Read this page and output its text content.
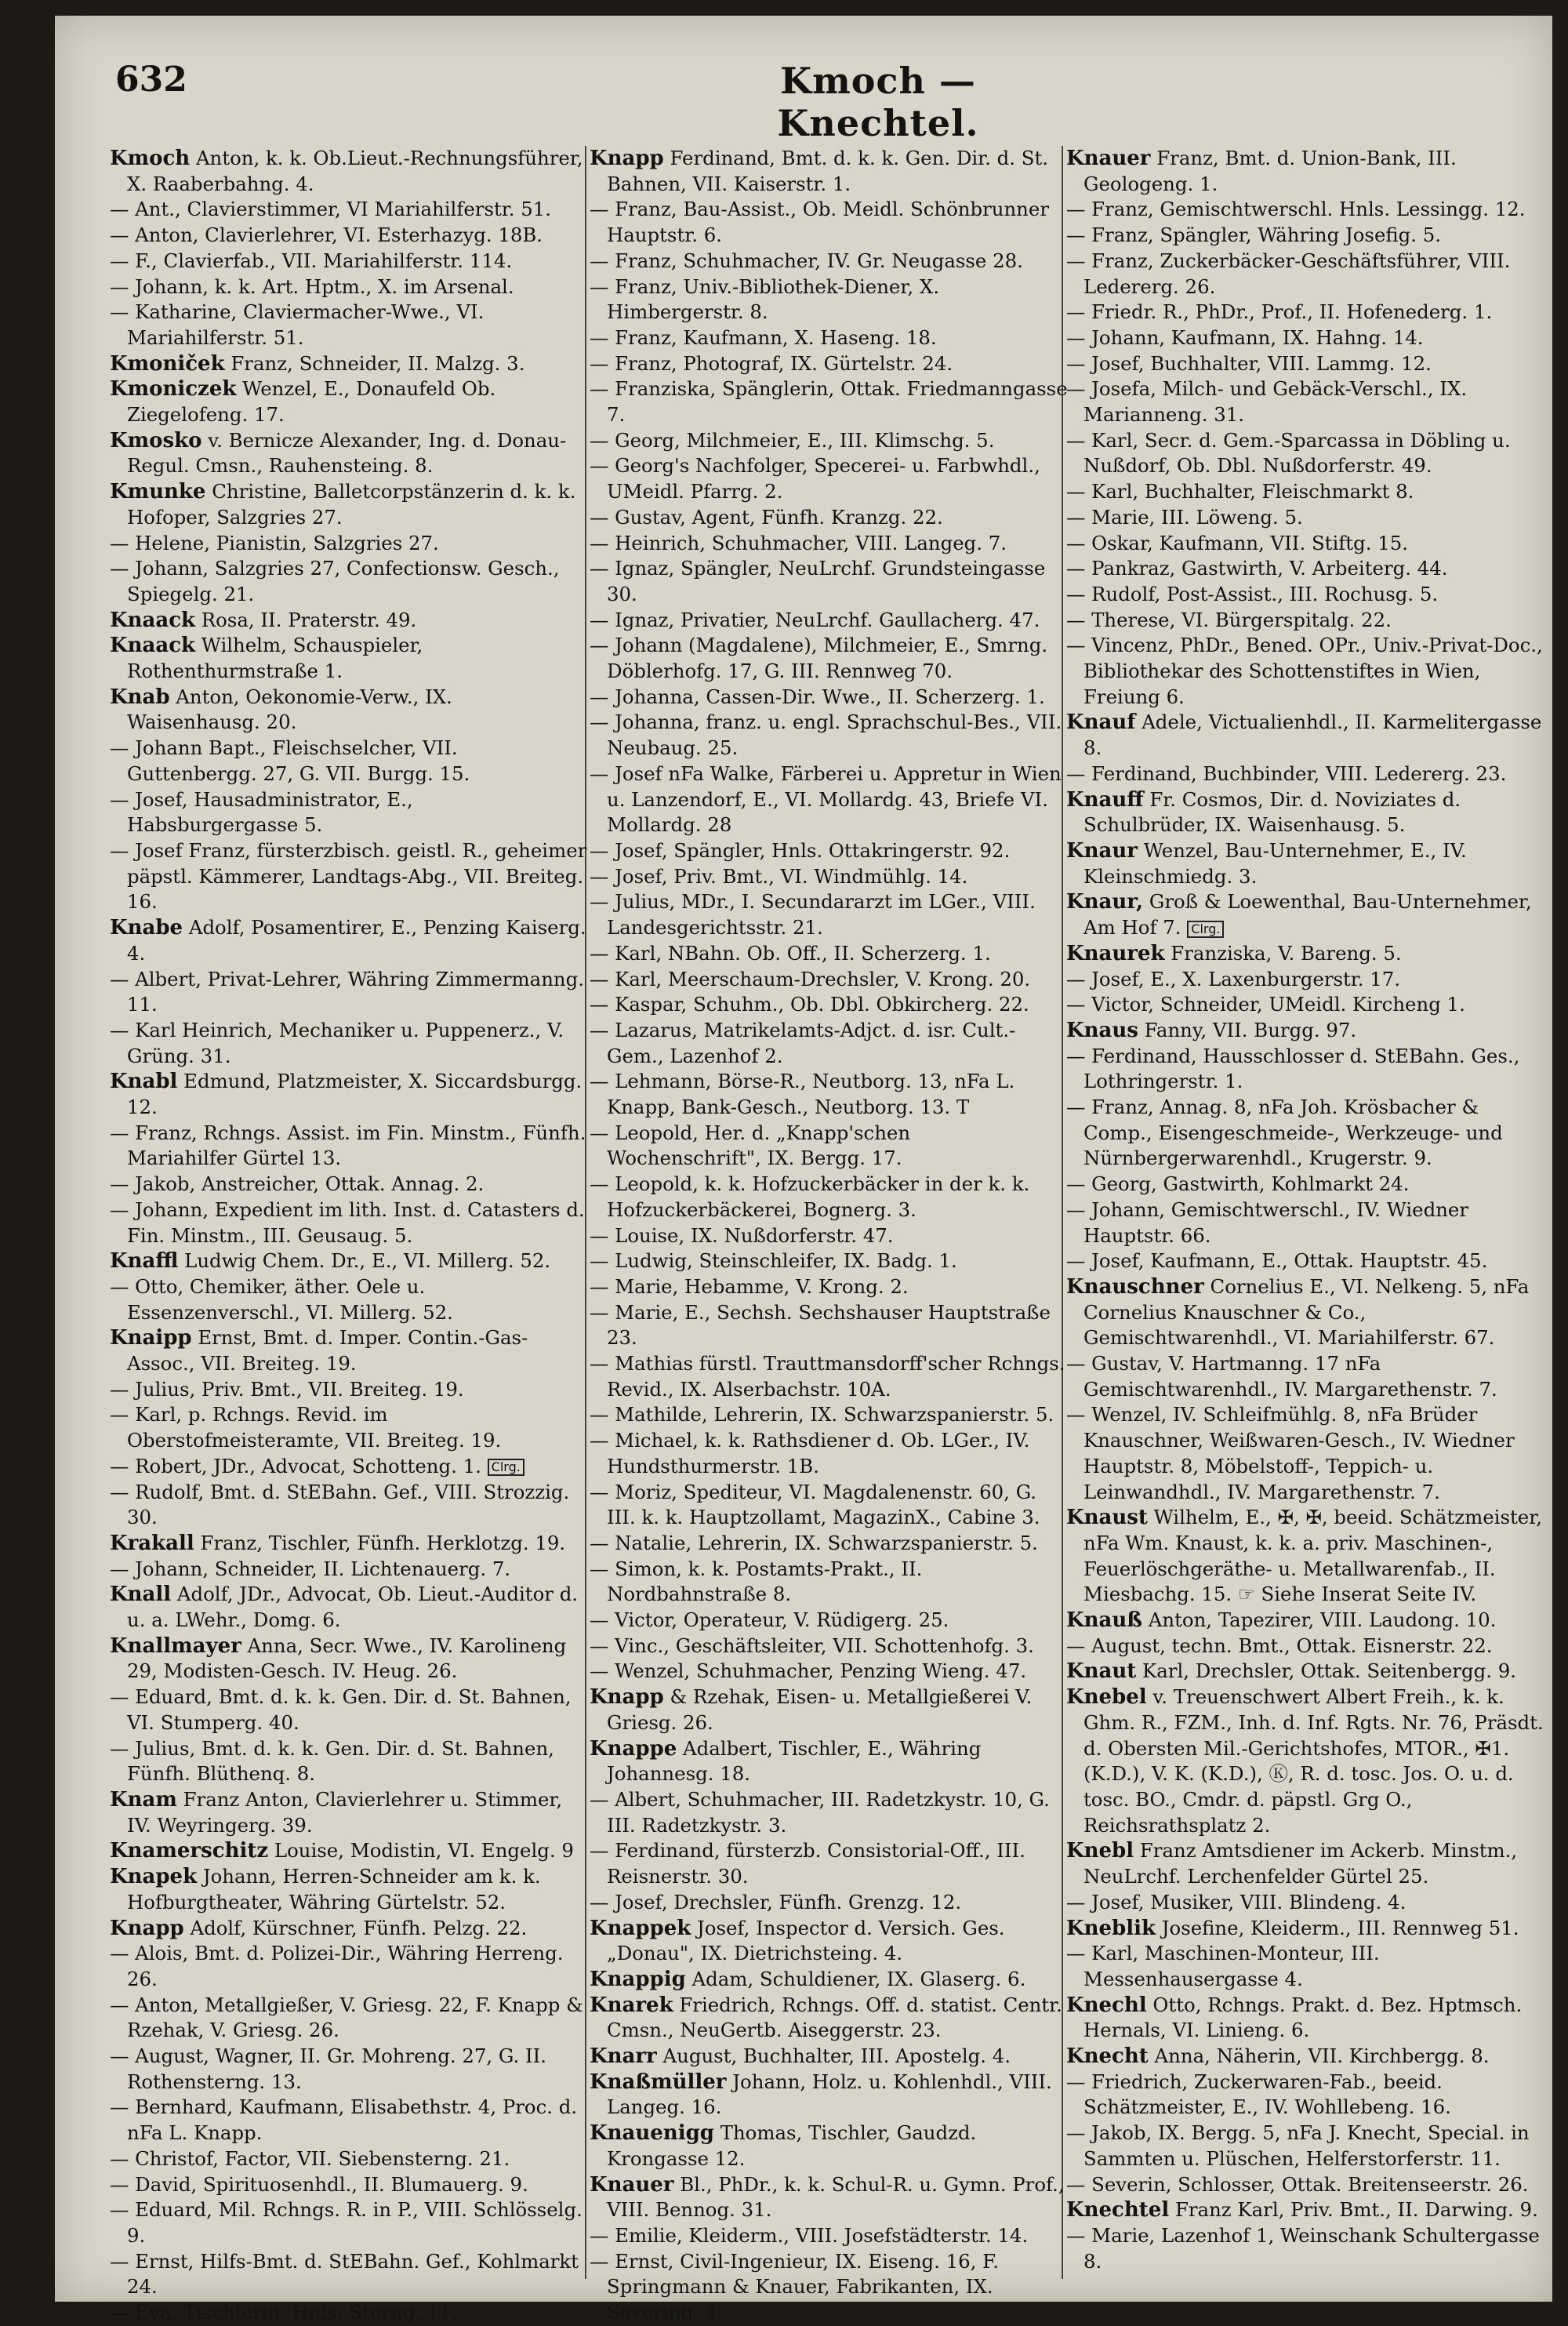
632	Kmoch — Knechtel.

Kmoch Anton, k. k. Ob.Lieut.-Rechnungsführer, X. Raaberbahng. 4.

— Ant., Clavierstimmer, VI Mariahilferstr. 51.

— Anton, Clavierlehrer, VI. Esterhazyg. 18B.

— F., Clavierfab., VII. Mariahilferstr. 114.

— Johann, k. k. Art. Hptm., X. im Arsenal.

— Katharine, Claviermacher-Wwe., VI. Mariahilferstr. 51.

Kmoniček Franz, Schneider, II. Malzg. 3.

Kmoniczek Wenzel, E., Donaufeld Ob. Ziegelofeng. 17.

Kmosko v. Bernicze Alexander, Ing. d. Donau-Regul. Cmsn., Rauhensteing. 8.

Kmunke Christine, Balletcorpstänzerin d. k. k. Hofoper, Salzgries 27.

— Helene, Pianistin, Salzgries 27.

— Johann, Salzgries 27, Confectionsw. Gesch., Spiegelg. 21.

Knaack Rosa, II. Praterstr. 49.

Knaack Wilhelm, Schauspieler, Rothenthurmstraße 1.

Knab Anton, Oekonomie-Verw., IX. Waisenhausg. 20.

— Johann Bapt., Fleischselcher, VII. Guttenbergg. 27, G. VII. Burgg. 15.

— Josef, Hausadministrator, E., Habsburgergasse 5.

— Josef Franz, fürsterzbisch. geistl. R., geheimer päpstl. Kämmerer, Landtags-Abg., VII. Breiteg. 16.

Knabe Adolf, Posamentirer, E., Penzing Kaiserg. 4.

— Albert, Privat-Lehrer, Währing Zimmermanng. 11.

— Karl Heinrich, Mechaniker u. Puppenerz., V. Grüng. 31.

Knabl Edmund, Platzmeister, X. Siccardsburgg. 12.

— Franz, Rchngs. Assist. im Fin. Minstm., Fünfh. Mariahilfer Gürtel 13.

— Jakob, Anstreicher, Ottak. Annag. 2.

— Johann, Expedient im lith. Inst. d. Catasters d. Fin. Minstm., III. Geusaug. 5.

Knaffl Ludwig Chem. Dr., E., VI. Millerg. 52.

— Otto, Chemiker, äther. Oele u. Essenzenverschl., VI. Millerg. 52.

Knaipp Ernst, Bmt. d. Imper. Contin.-Gas-Assoc., VII. Breiteg. 19.

— Julius, Priv. Bmt., VII. Breiteg. 19.

— Karl, p. Rchngs. Revid. im Oberstofmeisteramte, VII. Breiteg. 19.

— Robert, JDr., Advocat, Schotteng. 1. Clrg.

— Rudolf, Bmt. d. StEBahn. Gef., VIII. Strozzig. 30.

Krakall Franz, Tischler, Fünfh. Herklotzg. 19.

— Johann, Schneider, II. Lichtenauerg. 7.

Knall Adolf, JDr., Advocat, Ob. Lieut.-Auditor d. u. a. LWehr., Domg. 6.

Knallmayer Anna, Secr. Wwe., IV. Karolineng 29, Modisten-Gesch. IV. Heug. 26.

— Eduard, Bmt. d. k. k. Gen. Dir. d. St. Bahnen, VI. Stumperg. 40.

— Julius, Bmt. d. k. k. Gen. Dir. d. St. Bahnen, Fünfh. Blüthenq. 8.

Knam Franz Anton, Clavierlehrer u. Stimmer, IV. Weyringerg. 39.

Knamerschitz Louise, Modistin, VI. Engelg. 9

Knapek Johann, Herren-Schneider am k. k. Hofburgtheater, Währing Gürtelstr. 52.

Knapp Adolf, Kürschner, Fünfh. Pelzg. 22.

— Alois, Bmt. d. Polizei-Dir., Währing Herreng. 26.

— Anton, Metallgießer, V. Griesg. 22, F. Knapp & Rzehak, V. Griesg. 26.

— August, Wagner, II. Gr. Mohreng. 27, G. II. Rothensterng. 13.

— Bernhard, Kaufmann, Elisabethstr. 4, Proc. d. nFa L. Knapp.

— Christof, Factor, VII. Siebensterng. 21.

— David, Spirituosenhdl., II. Blumauerg. 9.

— Eduard, Mil. Rchngs. R. in P., VIII. Schlösselg. 9.

— Ernst, Hilfs-Bmt. d. StEBahn. Gef., Kohlmarkt 24.

— Eva, Tischlerin, Hnls. Sterng. 11.

Knapp Ferdinand, Bmt. d. k. k. Gen. Dir. d. St. Bahnen, VII. Kaiserstr. 1.

— Franz, Bau-Assist., Ob. Meidl. Schönbrunner Hauptstr. 6.

— Franz, Schuhmacher, IV. Gr. Neugasse 28.

— Franz, Univ.-Bibliothek-Diener, X. Himbergerstr. 8.

— Franz, Kaufmann, X. Haseng. 18.

— Franz, Photograf, IX. Gürtelstr. 24.

— Franziska, Spänglerin, Ottak. Friedmanngasse 7.

— Georg, Milchmeier, E., III. Klimschg. 5.

— Georg's Nachfolger, Specerei- u. Farbwhdl., UMeidl. Pfarrg. 2.

— Gustav, Agent, Fünfh. Kranzg. 22.

— Heinrich, Schuhmacher, VIII. Langeg. 7.

— Ignaz, Spängler, NeuLrchf. Grundsteingasse 30.

— Ignaz, Privatier, NeuLrchf. Gaullacherg. 47.

— Johann (Magdalene), Milchmeier, E., Smrng. Döblerhofg. 17, G. III. Rennweg 70.

— Johanna, Cassen-Dir. Wwe., II. Scherzerg. 1.

— Johanna, franz. u. engl. Sprachschul-Bes., VII. Neubaug. 25.

— Josef nFa Walke, Färberei u. Appretur in Wien u. Lanzendorf, E., VI. Mollardg. 43, Briefe VI. Mollardg. 28

— Josef, Spängler, Hnls. Ottakringerstr. 92.

— Josef, Priv. Bmt., VI. Windmühlg. 14.

— Julius, MDr., I. Secundararzt im LGer., VIII. Landesgerichtsstr. 21.

— Karl, NBahn. Ob. Off., II. Scherzerg. 1.

— Karl, Meerschaum-Drechsler, V. Krong. 20.

— Kaspar, Schuhm., Ob. Dbl. Obkircherg. 22.

— Lazarus, Matrikelamts-Adjct. d. isr. Cult.-Gem., Lazenhof 2.

— Lehmann, Börse-R., Neutborg. 13, nFa L. Knapp, Bank-Gesch., Neutborg. 13. T

— Leopold, Her. d. „Knapp'schen Wochenschrift", IX. Bergg. 17.

— Leopold, k. k. Hofzuckerbäcker in der k. k. Hofzuckerbäckerei, Bognerg. 3.

— Louise, IX. Nußdorferstr. 47.

— Ludwig, Steinschleifer, IX. Badg. 1.

— Marie, Hebamme, V. Krong. 2.

— Marie, E., Sechsh. Sechshauser Hauptstraße 23.

— Mathias fürstl. Trauttmansdorff'scher Rchngs. Revid., IX. Alserbachstr. 10A.

— Mathilde, Lehrerin, IX. Schwarzspanierstr. 5.

— Michael, k. k. Rathsdiener d. Ob. LGer., IV. Hundsthurmerstr. 1B.

— Moriz, Spediteur, VI. Magdalenenstr. 60, G. III. k. k. Hauptzollamt, MagazinX., Cabine 3.

— Natalie, Lehrerin, IX. Schwarzspanierstr. 5.

— Simon, k. k. Postamts-Prakt., II. Nordbahnstraße 8.

— Victor, Operateur, V. Rüdigerg. 25.

— Vinc., Geschäftsleiter, VII. Schottenhofg. 3.

— Wenzel, Schuhmacher, Penzing Wieng. 47.

Knapp & Rzehak, Eisen- u. Metallgießerei V. Griesg. 26.

Knappe Adalbert, Tischler, E., Währing Johannesg. 18.

— Albert, Schuhmacher, III. Radetzkystr. 10, G. III. Radetzkystr. 3.

— Ferdinand, fürsterzb. Consistorial-Off., III. Reisnerstr. 30.

— Josef, Drechsler, Fünfh. Grenzg. 12.

Knappek Josef, Inspector d. Versich. Ges. „Donau", IX. Dietrichsteing. 4.

Knappig Adam, Schuldiener, IX. Glaserg. 6.

Knarek Friedrich, Rchngs. Off. d. statist. Centr. Cmsn., NeuGertb. Aiseggerstr. 23.

Knarr August, Buchhalter, III. Apostelg. 4.

Knaßmüller Johann, Holz. u. Kohlenhdl., VIII. Langeg. 16.

Knauenigg Thomas, Tischler, Gaudzd. Krongasse 12.

Knauer Bl., PhDr., k. k. Schul-R. u. Gymn. Prof., VIII. Bennog. 31.

— Emilie, Kleiderm., VIII. Josefstädterstr. 14.

— Ernst, Civil-Ingenieur, IX. Eiseng. 16, F. Springmann & Knauer, Fabrikanten, IX. Severing. 4.

Knauer Franz, Bmt. d. Union-Bank, III. Geologeng. 1.

— Franz, Gemischtwerschl. Hnls. Lessingg. 12.

— Franz, Spängler, Währing Josefig. 5.

— Franz, Zuckerbäcker-Geschäftsführer, VIII. Ledererg. 26.

— Friedr. R., PhDr., Prof., II. Hofenederg. 1.

— Johann, Kaufmann, IX. Hahng. 14.

— Josef, Buchhalter, VIII. Lammg. 12.

— Josefa, Milch- und Gebäck-Verschl., IX. Marianneng. 31.

— Karl, Secr. d. Gem.-Sparcassa in Döbling u. Nußdorf, Ob. Dbl. Nußdorferstr. 49.

— Karl, Buchhalter, Fleischmarkt 8.

— Marie, III. Löweng. 5.

— Oskar, Kaufmann, VII. Stiftg. 15.

— Pankraz, Gastwirth, V. Arbeiterg. 44.

— Rudolf, Post-Assist., III. Rochusg. 5.

— Therese, VI. Bürgerspitalg. 22.

— Vincenz, PhDr., Bened. OPr., Univ.-Privat-Doc., Bibliothekar des Schottenstiftes in Wien, Freiung 6.

Knauf Adele, Victualienhdl., II. Karmelitergasse 8.

— Ferdinand, Buchbinder, VIII. Ledererg. 23.

Knauff Fr. Cosmos, Dir. d. Noviziates d. Schulbrüder, IX. Waisenhausg. 5.

Knaur Wenzel, Bau-Unternehmer, E., IV. Kleinschmiedg. 3.

Knaur, Groß & Loewenthal, Bau-Unternehmer, Am Hof 7. Clrg.

Knaurek Franziska, V. Bareng. 5.

— Josef, E., X. Laxenburgerstr. 17.

— Victor, Schneider, UMeidl. Kircheng 1.

Knaus Fanny, VII. Burgg. 97.

— Ferdinand, Hausschlosser d. StEBahn. Ges., Lothringerstr. 1.

— Franz, Annag. 8, nFa Joh. Krösbacher & Comp., Eisengeschmeide-, Werkzeuge- und Nürnbergerwarenhdl., Krugerstr. 9.

— Georg, Gastwirth, Kohlmarkt 24.

— Johann, Gemischtwerschl., IV. Wiedner Hauptstr. 66.

— Josef, Kaufmann, E., Ottak. Hauptstr. 45.

Knauschner Cornelius E., VI. Nelkeng. 5, nFa Cornelius Knauschner & Co., Gemischtwarenhdl., VI. Mariahilferstr. 67.

— Gustav, V. Hartmanng. 17 nFa Gemischtwarenhdl., IV. Margarethenstr. 7.

— Wenzel, IV. Schleifmühlg. 8, nFa Brüder Knauschner, Weißwaren-Gesch., IV. Wiedner Hauptstr. 8, Möbelstoff-, Teppich- u. Leinwandhdl., IV. Margarethenstr. 7.

Knaust Wilhelm, E., ✠, ✠, beeid. Schätzmeister, nFa Wm. Knaust, k. k. a. priv. Maschinen-, Feuerlöschgeräthe- u. Metallwarenfab., II. Miesbachg. 15. ☞ Siehe Inserat Seite IV.

Knauß Anton, Tapezirer, VIII. Laudong. 10.

— August, techn. Bmt., Ottak. Eisnerstr. 22.

Knaut Karl, Drechsler, Ottak. Seitenbergg. 9.

Knebel v. Treuenschwert Albert Freih., k. k. Ghm. R., FZM., Inh. d. Inf. Rgts. Nr. 76, Präsdt. d. Obersten Mil.-Gerichtshofes, MTOR., ✠1. (K.D.), V. K. (K.D.), Ⓚ, R. d. tosc. Jos. O. u. d. tosc. BO., Cmdr. d. päpstl. Grg O., Reichsrathsplatz 2.

Knebl Franz Amtsdiener im Ackerb. Minstm., NeuLrchf. Lerchenfelder Gürtel 25.

— Josef, Musiker, VIII. Blindeng. 4.

Kneblik Josefine, Kleiderm., III. Rennweg 51.

— Karl, Maschinen-Monteur, III. Messenhausergasse 4.

Knechl Otto, Rchngs. Prakt. d. Bez. Hptmsch. Hernals, VI. Linieng. 6.

Knecht Anna, Näherin, VII. Kirchbergg. 8.

— Friedrich, Zuckerwaren-Fab., beeid. Schätzmeister, E., IV. Wohllebeng. 16.

— Jakob, IX. Bergg. 5, nFa J. Knecht, Special. in Sammten u. Plüschen, Helferstorferstr. 11.

— Severin, Schlosser, Ottak. Breitenseerstr. 26.

Knechtel Franz Karl, Priv. Bmt., II. Darwing. 9.

— Marie, Lazenhof 1, Weinschank Schultergasse 8.
